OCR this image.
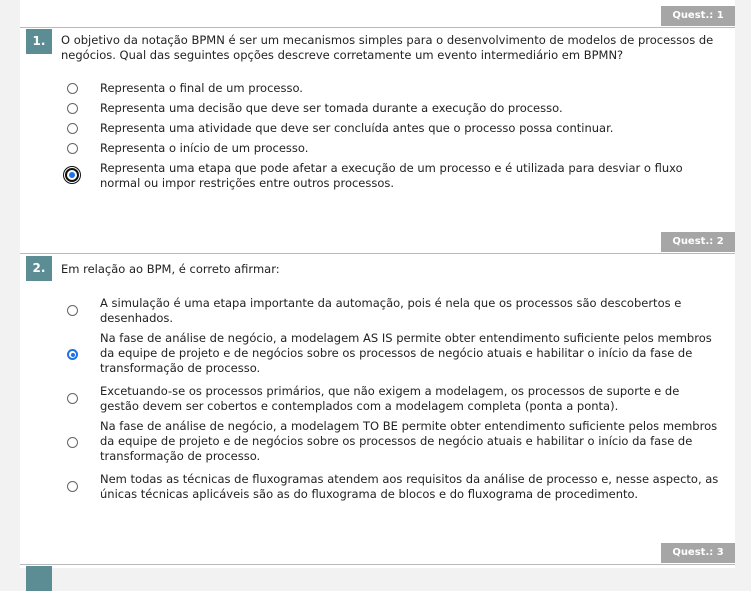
Quest.: 1
1.	O objetivo da notação BPMN é ser um mecanismos simples para o desenvolvimento de modelos de processos de negócios. Qual das seguintes opções descreve corretamente um evento intermediário em BPMN?
Representa o final de um processo.
Representa uma decisão que deve ser tomada durante a execução do processo.
Representa uma atividade que deve ser concluída antes que o processo possa continuar.
Representa o início de um processo.
Representa uma etapa que pode afetar a execução de um processo e é utilizada para desviar o fluxo normal ou impor restrições entre outros processos.
Quest.: 2
2.	Em relação ao BPM, é correto afirmar:
A simulação é uma etapa importante da automação, pois é nela que os processos são descobertos e desenhados.
Na fase de análise de negócio, a modelagem AS IS permite obter entendimento suficiente pelos membros da equipe de projeto e de negócios sobre os processos de negócio atuais e habilitar o início da fase de transformação de processo.
Excetuando-se os processos primários, que não exigem a modelagem, os processos de suporte e de gestão devem ser cobertos e contemplados com a modelagem completa (ponta a ponta).
Na fase de análise de negócio, a modelagem TO BE permite obter entendimento suficiente pelos membros da equipe de projeto e de negócios sobre os processos de negócio atuais e habilitar o início da fase de transformação de processo.
Nem todas as técnicas de fluxogramas atendem aos requisitos da análise de processo e, nesse aspecto, as únicas técnicas aplicáveis são as do fluxograma de blocos e do fluxograma de procedimento.
Quest.: 3
